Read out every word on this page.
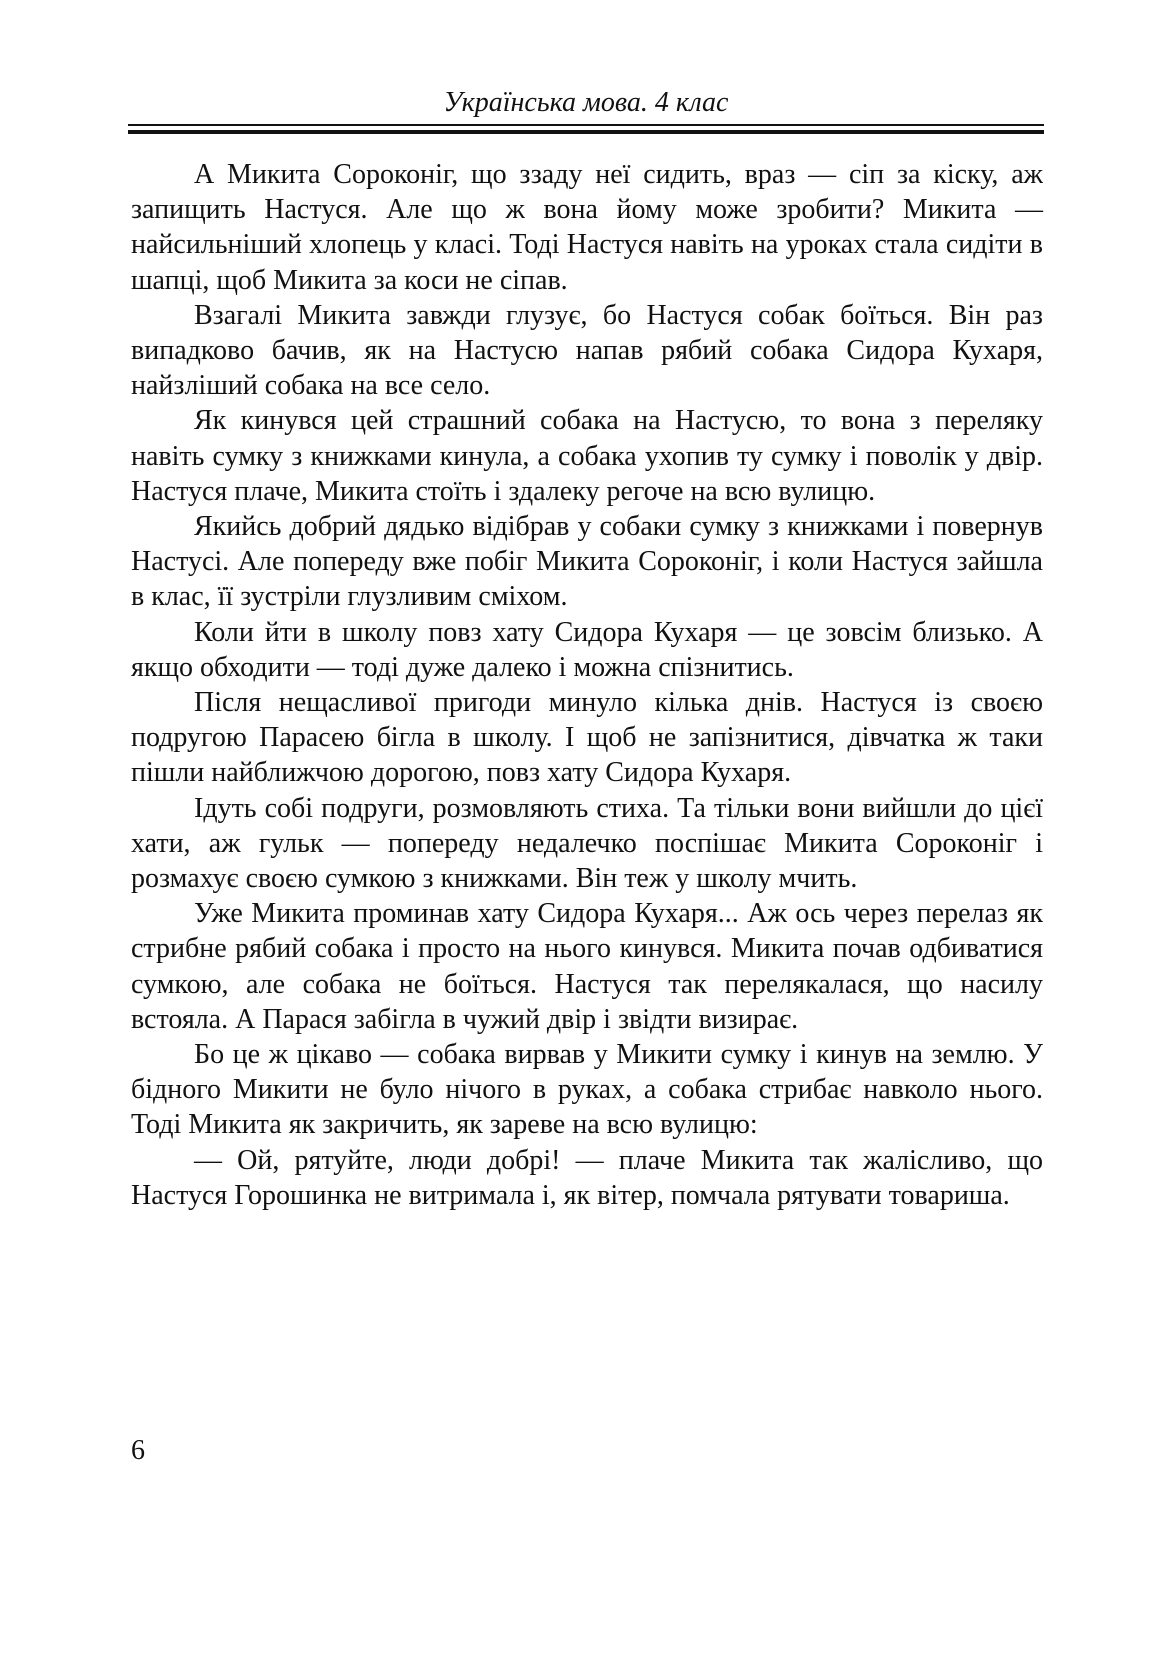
Українська мова. 4 клас

А Микита Сороконіг, що ззаду неї сидить, враз — сіп за кіску, аж запищить Настуся. Але що ж вона йому може зробити? Микита — найсильніший хлопець у класі. Тоді Настуся навіть на уроках стала сидіти в шапці, щоб Микита за коси не сіпав.

Взагалі Микита завжди глузує, бо Настуся собак боїться. Він раз випадково бачив, як на Настусю напав рябий собака Сидора Кухаря, найзліший собака на все село.

Як кинувся цей страшний собака на Настусю, то вона з переляку навіть сумку з книжками кинула, а собака ухопив ту сумку і поволік у двір. Настуся плаче, Микита стоїть і здалеку регоче на всю вулицю.

Якийсь добрий дядько відібрав у собаки сумку з книжками і повернув Настусі. Але попереду вже побіг Микита Сороконіг, і коли Настуся зайшла в клас, її зустріли глузливим сміхом.

Коли йти в школу повз хату Сидора Кухаря — це зовсім близько. А якщо обходити — тоді дуже далеко і можна спізнитись.

Після нещасливої пригоди минуло кілька днів. Настуся із своєю подругою Парасею бігла в школу. І щоб не запізнитися, дівчатка ж таки пішли найближчою дорогою, повз хату Сидора Кухаря.

Ідуть собі подруги, розмовляють стиха. Та тільки вони вийшли до цієї хати, аж гульк — попереду недалечко поспішає Микита Сороконіг і розмахує своєю сумкою з книжками. Він теж у школу мчить.

Уже Микита проминав хату Сидора Кухаря... Аж ось через перелаз як стрибне рябий собака і просто на нього кинувся. Микита почав одбиватися сумкою, але собака не боїться. Настуся так перелякалася, що насилу встояла. А Парася забігла в чужий двір і звідти визирає.

Бо це ж цікаво — собака вирвав у Микити сумку і кинув на землю. У бідного Микити не було нічого в руках, а собака стрибає навколо нього. Тоді Микита як закричить, як зареве на всю вулицю:

— Ой, рятуйте, люди добрі! — плаче Микита так жалісливо, що Настуся Горошинка не витримала і, як вітер, помчала рятувати товариша.

6
